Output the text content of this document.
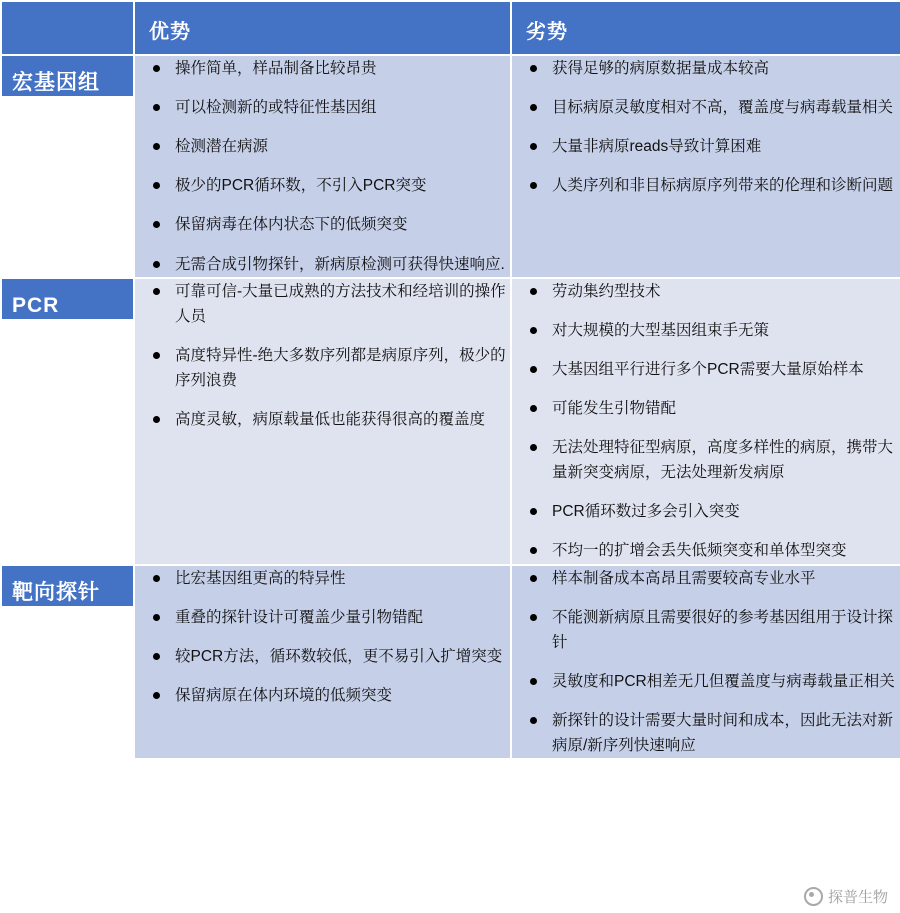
	优势	劣势

宏基因组

操作简单，样品制备比较昂贵
可以检测新的或特征性基因组
检测潜在病源
极少的PCR循环数，不引入PCR突变
保留病毒在体内状态下的低频突变
无需合成引物探针，新病原检测可获得快速响应.

获得足够的病原数据量成本较高
目标病原灵敏度相对不高，覆盖度与病毒载量相关
大量非病原reads导致计算困难
人类序列和非目标病原序列带来的伦理和诊断问题

PCR

可靠可信-大量已成熟的方法技术和经培训的操作人员
高度特异性-绝大多数序列都是病原序列，极少的序列浪费
高度灵敏，病原载量低也能获得很高的覆盖度

劳动集约型技术
对大规模的大型基因组束手无策
大基因组平行进行多个PCR需要大量原始样本
可能发生引物错配
无法处理特征型病原，高度多样性的病原，携带大量新突变病原，无法处理新发病原
PCR循环数过多会引入突变
不均一的扩增会丢失低频突变和单体型突变

靶向探针

比宏基因组更高的特异性
重叠的探针设计可覆盖少量引物错配
较PCR方法，循环数较低，更不易引入扩增突变
保留病原在体内环境的低频突变

样本制备成本高昂且需要较高专业水平
不能测新病原且需要很好的参考基因组用于设计探针
灵敏度和PCR相差无几但覆盖度与病毒载量正相关
新探针的设计需要大量时间和成本，因此无法对新病原/新序列快速响应
探普生物
